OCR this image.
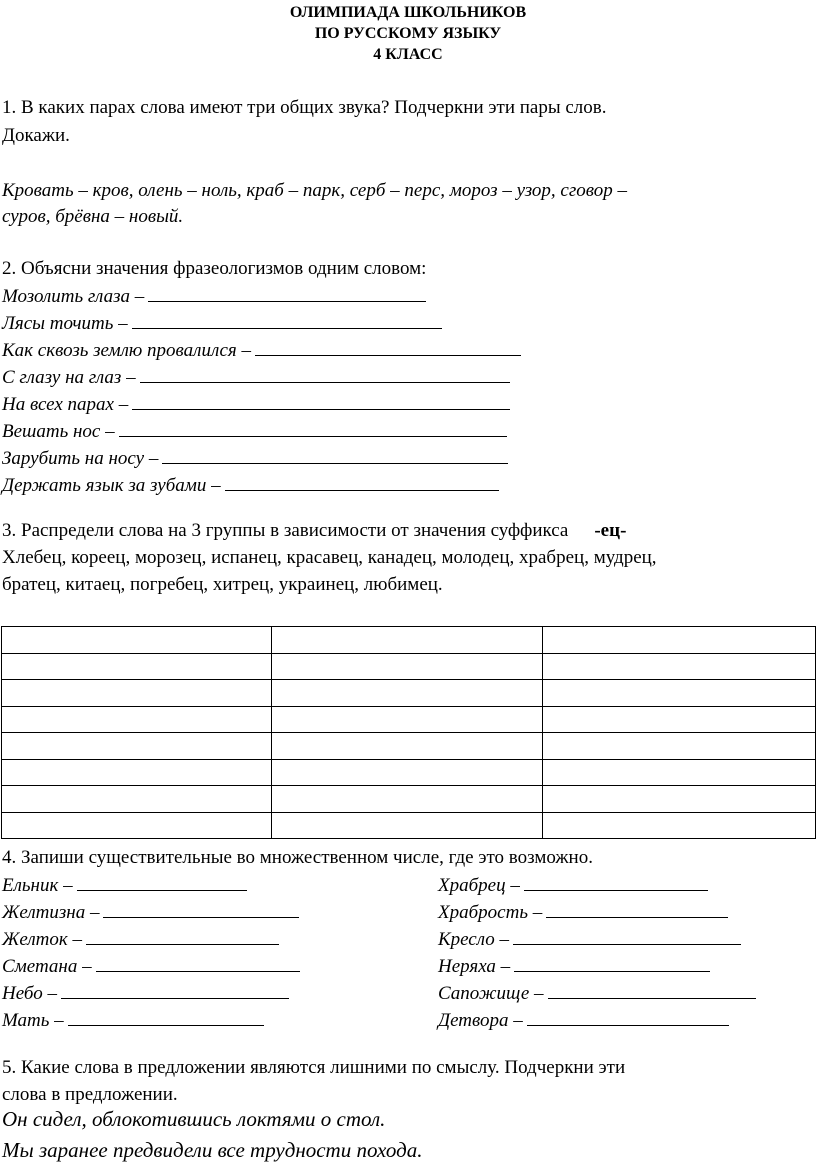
ОЛИМПИАДА ШКОЛЬНИКОВ
ПО РУССКОМУ ЯЗЫКУ
4 КЛАСС
1. В каких парах слова имеют три общих звука? Подчеркни эти пары слов.
Докажи.
Кровать – кров, олень – ноль, краб – парк, серб – перс, мороз – узор, сговор –
суров, брёвна – новый.
2. Объясни значения фразеологизмов одним словом:
Мозолить глаза –
Лясы точить –
Как сквозь землю провалился –
С глазу на глаз –
На всех парах –
Вешать нос –
Зарубить на носу –
Держать язык за зубами –
3. Распредели слова на 3 группы в зависимости от значения суффикса -ец-
Хлебец, кореец, морозец, испанец, красавец, канадец, молодец, храбрец, мудрец,
братец, китаец, погребец, хитрец, украинец, любимец.

4. Запиши существительные во множественном числе, где это возможно.
Ельник –
Желтизна –
Желток –
Сметана –
Небо –
Мать –
Храбрец –
Храбрость –
Кресло –
Неряха –
Сапожище –
Детвора –
5. Какие слова в предложении являются лишними по смыслу. Подчеркни эти
слова в предложении.
Он сидел, облокотившись локтями о стол.
Мы заранее предвидели все трудности похода.
